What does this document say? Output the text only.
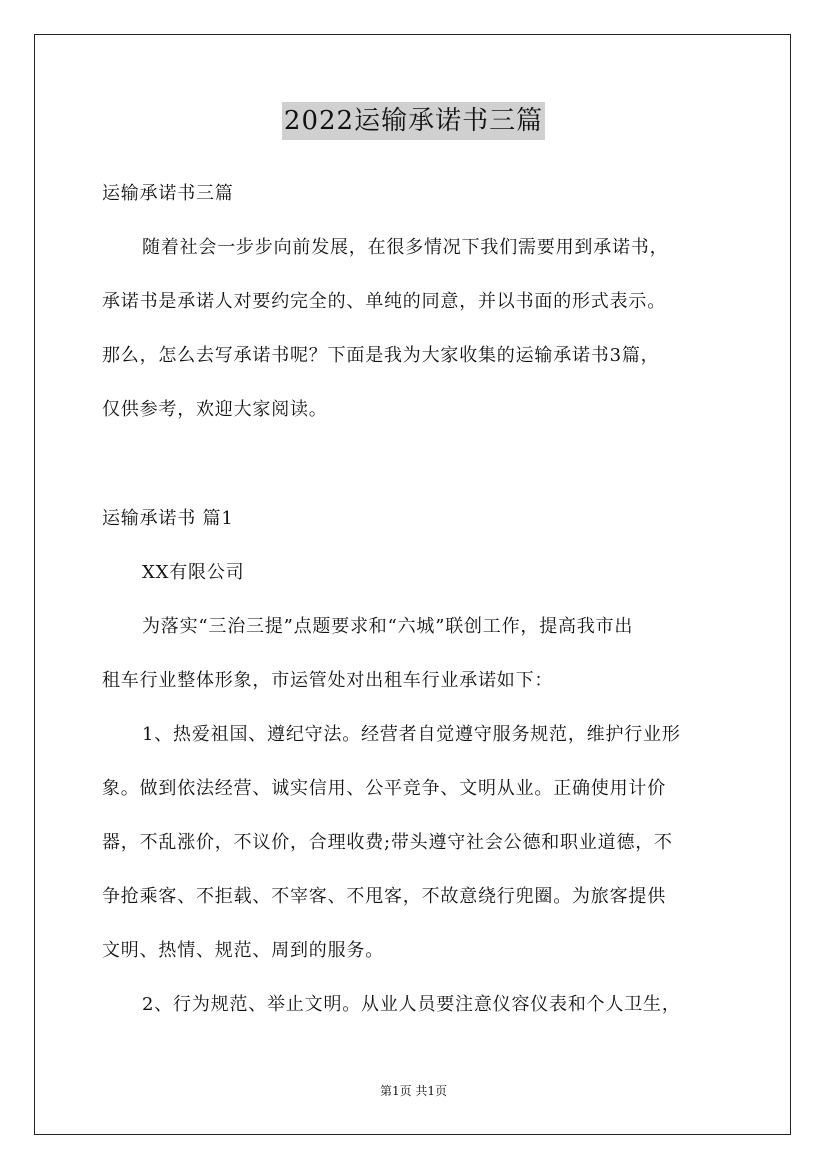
2022运输承诺书三篇
运输承诺书三篇
随着社会一步步向前发展，在很多情况下我们需要用到承诺书，
承诺书是承诺人对要约完全的、单纯的同意，并以书面的形式表示。
那么，怎么去写承诺书呢？下面是我为大家收集的运输承诺书3篇，
仅供参考，欢迎大家阅读。
运输承诺书 篇1
XX有限公司
为落实“三治三提”点题要求和“六城”联创工作，提高我市出
租车行业整体形象，市运管处对出租车行业承诺如下：
1、热爱祖国、遵纪守法。经营者自觉遵守服务规范，维护行业形
象。做到依法经营、诚实信用、公平竞争、文明从业。正确使用计价
器，不乱涨价，不议价，合理收费;带头遵守社会公德和职业道德，不
争抢乘客、不拒载、不宰客、不甩客，不故意绕行兜圈。为旅客提供
文明、热情、规范、周到的服务。
2、行为规范、举止文明。从业人员要注意仪容仪表和个人卫生，
第1页 共1页
